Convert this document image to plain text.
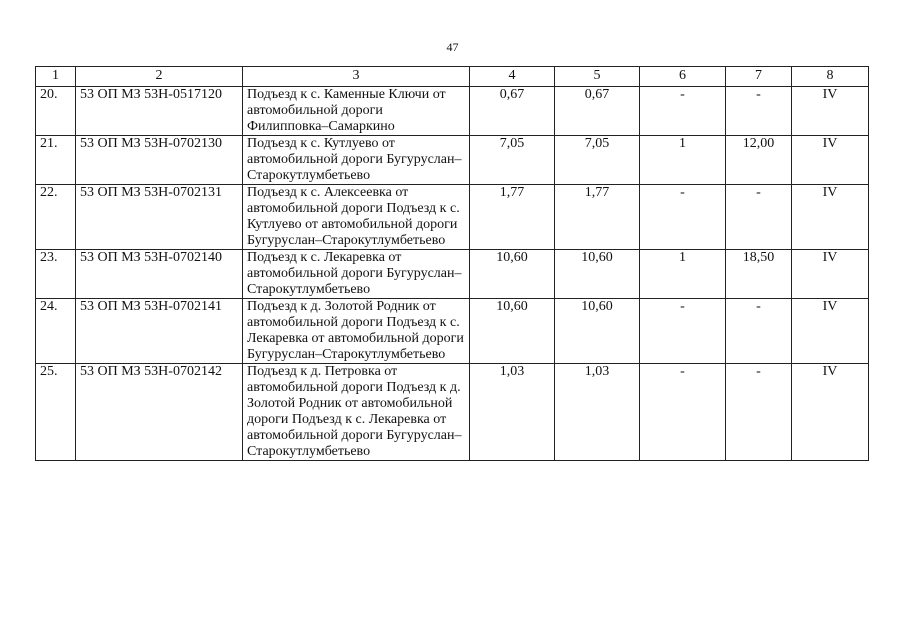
47
1	2	3	4	5	6	7	8
20.	53 ОП МЗ 53Н-0517120	Подъезд к с. Каменные Ключи от автомобильной дороги Филипповка–Самаркино	0,67	0,67	-	-	IV
21.	53 ОП МЗ 53Н-0702130	Подъезд к с. Кутлуево от автомобильной дороги Бугуруслан–Старокутлумбетьево	7,05	7,05	1	12,00	IV
22.	53 ОП МЗ 53Н-0702131	Подъезд к с. Алексеевка от автомобильной дороги Подъезд к с. Кутлуево от автомобильной дороги Бугуруслан–Старокутлумбетьево	1,77	1,77	-	-	IV
23.	53 ОП МЗ 53Н-0702140	Подъезд к с. Лекаревка от автомобильной дороги Бугуруслан–Старокутлумбетьево	10,60	10,60	1	18,50	IV
24.	53 ОП МЗ 53Н-0702141	Подъезд к д. Золотой Родник от автомобильной дороги Подъезд к с. Лекаревка от автомобильной дороги Бугуруслан–Старокутлумбетьево	10,60	10,60	-	-	IV
25.	53 ОП МЗ 53Н-0702142	Подъезд к д. Петровка от автомобильной дороги Подъезд к д. Золотой Родник от автомобильной дороги Подъезд к с. Лекаревка от автомобильной дороги Бугуруслан–Старокутлумбетьево	1,03	1,03	-	-	IV
